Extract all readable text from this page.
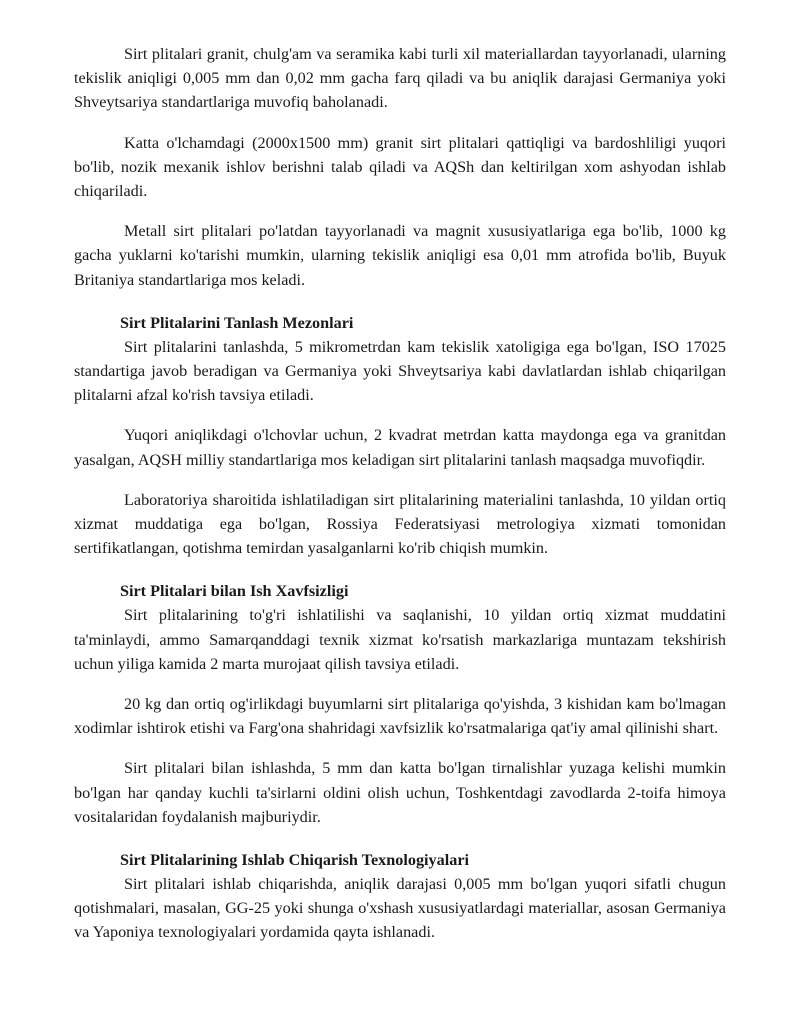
Sirt plitalari granit, chulg'am va seramika kabi turli xil materiallardan tayyorlanadi, ularning tekislik aniqligi 0,005 mm dan 0,02 mm gacha farq qiladi va bu aniqlik darajasi Germaniya yoki Shveytsariya standartlariga muvofiq baholanadi.

Katta o'lchamdagi (2000x1500 mm) granit sirt plitalari qattiqligi va bardoshliligi yuqori bo'lib, nozik mexanik ishlov berishni talab qiladi va AQSh dan keltirilgan xom ashyodan ishlab chiqariladi.

Metall sirt plitalari po'latdan tayyorlanadi va magnit xususiyatlariga ega bo'lib, 1000 kg gacha yuklarni ko'tarishi mumkin, ularning tekislik aniqligi esa 0,01 mm atrofida bo'lib, Buyuk Britaniya standartlariga mos keladi.

Sirt Plitalarini Tanlash Mezonlari

Sirt plitalarini tanlashda, 5 mikrometrdan kam tekislik xatoligiga ega bo'lgan, ISO 17025 standartiga javob beradigan va Germaniya yoki Shveytsariya kabi davlatlardan ishlab chiqarilgan plitalarni afzal ko'rish tavsiya etiladi.

Yuqori aniqlikdagi o'lchovlar uchun, 2 kvadrat metrdan katta maydonga ega va granitdan yasalgan, AQSH milliy standartlariga mos keladigan sirt plitalarini tanlash maqsadga muvofiqdir.

Laboratoriya sharoitida ishlatiladigan sirt plitalarining materialini tanlashda, 10 yildan ortiq xizmat muddatiga ega bo'lgan, Rossiya Federatsiyasi metrologiya xizmati tomonidan sertifikatlangan, qotishma temirdan yasalganlarni ko'rib chiqish mumkin.

Sirt Plitalari bilan Ish Xavfsizligi

Sirt plitalarining to'g'ri ishlatilishi va saqlanishi, 10 yildan ortiq xizmat muddatini ta'minlaydi, ammo Samarqanddagi texnik xizmat ko'rsatish markazlariga muntazam tekshirish uchun yiliga kamida 2 marta murojaat qilish tavsiya etiladi.

20 kg dan ortiq og'irlikdagi buyumlarni sirt plitalariga qo'yishda, 3 kishidan kam bo'lmagan xodimlar ishtirok etishi va Farg'ona shahridagi xavfsizlik ko'rsatmalariga qat'iy amal qilinishi shart.

Sirt plitalari bilan ishlashda, 5 mm dan katta bo'lgan tirnalishlar yuzaga kelishi mumkin bo'lgan har qanday kuchli ta'sirlarni oldini olish uchun, Toshkentdagi zavodlarda 2-toifa himoya vositalaridan foydalanish majburiydir.

Sirt Plitalarining Ishlab Chiqarish Texnologiyalari

Sirt plitalari ishlab chiqarishda, aniqlik darajasi 0,005 mm bo'lgan yuqori sifatli chugun qotishmalari, masalan, GG-25 yoki shunga o'xshash xususiyatlardagi materiallar, asosan Germaniya va Yaponiya texnologiyalari yordamida qayta ishlanadi.
